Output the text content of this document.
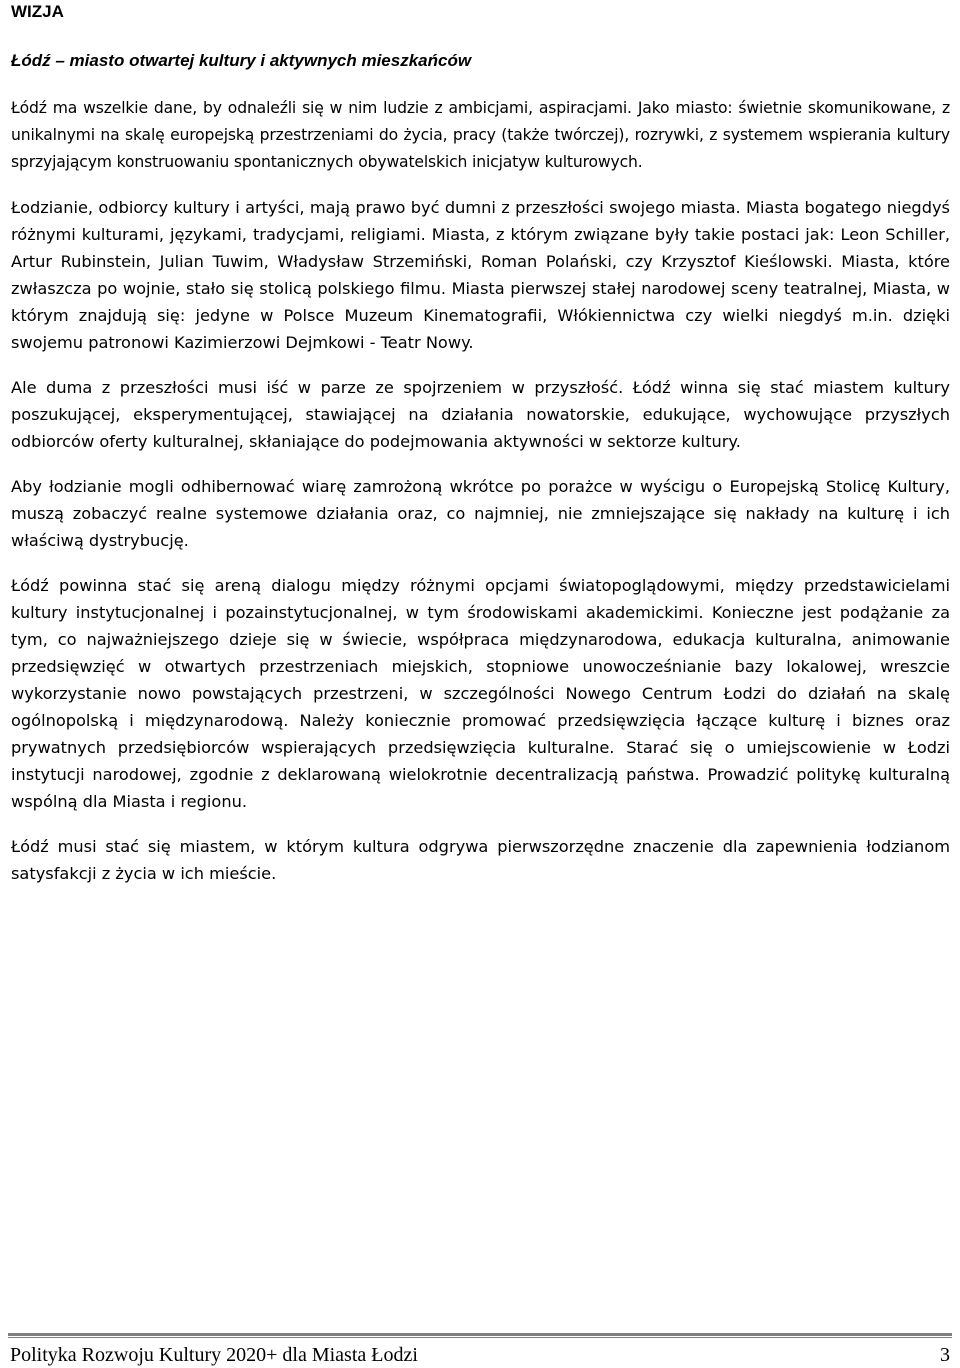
WIZJA
Łódź – miasto otwartej kultury i aktywnych mieszkańców

Łódź ma wszelkie dane, by odnaleźli się w nim ludzie z ambicjami, aspiracjami. Jako miasto: świetnie skomunikowane, z unikalnymi na skalę europejską przestrzeniami do życia, pracy (także twórczej), rozrywki, z systemem wspierania kultury sprzyjającym konstruowaniu spontanicznych obywatelskich inicjatyw kulturowych.

Łodzianie, odbiorcy kultury i artyści, mają prawo być dumni z przeszłości swojego miasta. Miasta bogatego niegdyś różnymi kulturami, językami, tradycjami, religiami. Miasta, z którym związane były takie postaci jak: Leon Schiller, Artur Rubinstein, Julian Tuwim, Władysław Strzemiński, Roman Polański, czy Krzysztof Kieślowski. Miasta, które zwłaszcza po wojnie, stało się stolicą polskiego filmu. Miasta pierwszej stałej narodowej sceny teatralnej, Miasta, w którym znajdują się: jedyne w Polsce Muzeum Kinematografii, Włókiennictwa czy wielki niegdyś m.in. dzięki swojemu patronowi Kazimierzowi Dejmkowi - Teatr Nowy.

Ale duma z przeszłości musi iść w parze ze spojrzeniem w przyszłość. Łódź winna się stać miastem kultury poszukującej, eksperymentującej, stawiającej na działania nowatorskie, edukujące, wychowujące przyszłych odbiorców oferty kulturalnej, skłaniające do podejmowania aktywności w sektorze kultury.

Aby łodzianie mogli odhibernować wiarę zamrożoną wkrótce po porażce w wyścigu o Europejską Stolicę Kultury, muszą zobaczyć realne systemowe działania oraz, co najmniej, nie zmniejszające się nakłady na kulturę i ich właściwą dystrybucję.

Łódź powinna stać się areną dialogu między różnymi opcjami światopoglądowymi, między przedstawicielami kultury instytucjonalnej i pozainstytucjonalnej, w tym środowiskami akademickimi. Konieczne jest podążanie za tym, co najważniejszego dzieje się w świecie, współpraca międzynarodowa, edukacja kulturalna, animowanie przedsięwzięć w otwartych przestrzeniach miejskich, stopniowe unowocześnianie bazy lokalowej, wreszcie wykorzystanie nowo powstających przestrzeni, w szczególności Nowego Centrum Łodzi do działań na skalę ogólnopolską i międzynarodową. Należy koniecznie promować przedsięwzięcia łączące kulturę i biznes oraz prywatnych przedsiębiorców wspierających przedsięwzięcia kulturalne. Starać się o umiejscowienie w Łodzi instytucji narodowej, zgodnie z deklarowaną wielokrotnie decentralizacją państwa. Prowadzić politykę kulturalną wspólną dla Miasta i regionu.

Łódź musi stać się miastem, w którym kultura odgrywa pierwszorzędne znaczenie dla zapewnienia łodzianom satysfakcji z życia w ich mieście.

Polityka Rozwoju Kultury 2020+ dla Miasta Łodzi	3
